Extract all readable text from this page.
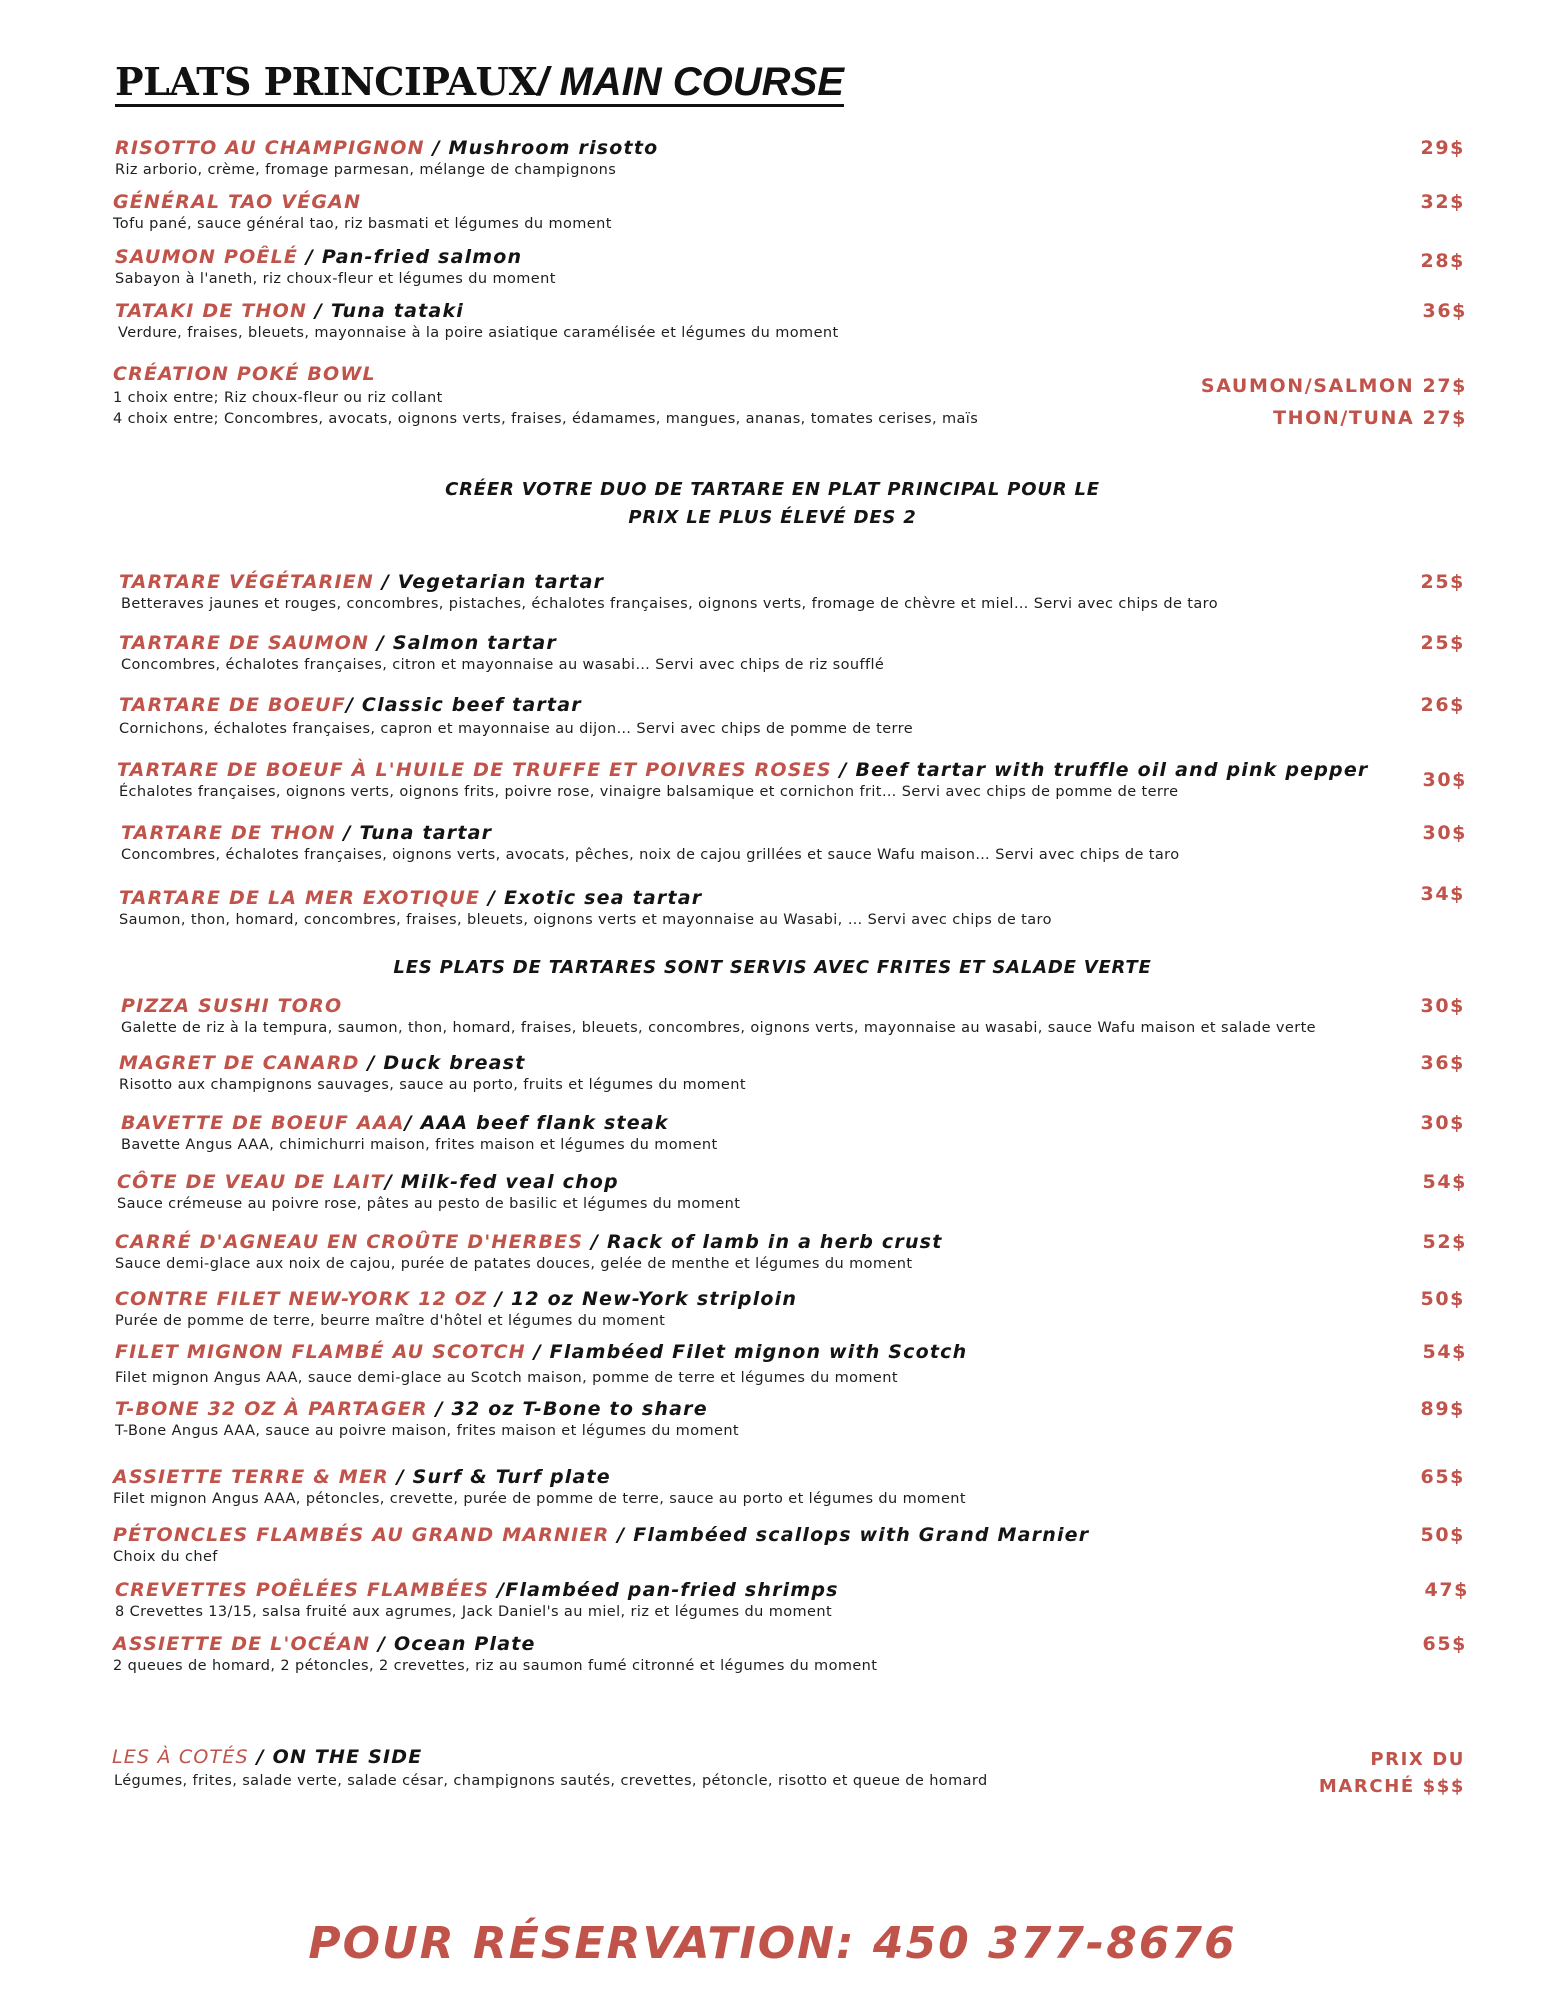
PLATS PRINCIPAUX/ MAIN COURSE
RISOTTO AU CHAMPIGNON / Mushroom risotto
Riz arborio, crème, fromage parmesan, mélange de champignons
29$
GÉNÉRAL TAO VÉGAN
Tofu pané, sauce général tao, riz basmati et légumes du moment
32$
SAUMON POÊLÉ / Pan-fried salmon
Sabayon à l'aneth, riz choux-fleur et légumes du moment
28$
TATAKI DE THON / Tuna tataki
Verdure, fraises, bleuets, mayonnaise à la poire asiatique caramélisée et légumes du moment
36$
CRÉATION POKÉ BOWL
1 choix entre; Riz choux-fleur ou riz collant
4 choix entre; Concombres, avocats, oignons verts, fraises, édamames, mangues, ananas, tomates cerises, maïs
SAUMON/SALMON 27$
THON/TUNA 27$
CRÉER VOTRE DUO DE TARTARE EN PLAT PRINCIPAL POUR LE
PRIX LE PLUS ÉLEVÉ DES 2
TARTARE VÉGÉTARIEN / Vegetarian tartar
Betteraves jaunes et rouges, concombres, pistaches, échalotes françaises, oignons verts, fromage de chèvre et miel… Servi avec chips de taro
25$
TARTARE DE SAUMON / Salmon tartar
Concombres, échalotes françaises, citron et mayonnaise au wasabi… Servi avec chips de riz soufflé
25$
TARTARE DE BOEUF/ Classic beef tartar
Cornichons, échalotes françaises, capron et mayonnaise au dijon… Servi avec chips de pomme de terre
26$
TARTARE DE BOEUF À L'HUILE DE TRUFFE ET POIVRES ROSES / Beef tartar with truffle oil and pink pepper
Échalotes françaises, oignons verts, oignons frits, poivre rose, vinaigre balsamique et cornichon frit… Servi avec chips de pomme de terre
30$
TARTARE DE THON / Tuna tartar
Concombres, échalotes françaises, oignons verts, avocats, pêches, noix de cajou grillées et sauce Wafu maison… Servi avec chips de taro
30$
TARTARE DE LA MER EXOTIQUE / Exotic sea tartar
Saumon, thon, homard, concombres, fraises, bleuets, oignons verts et mayonnaise au Wasabi, … Servi avec chips de taro
34$
LES PLATS DE TARTARES SONT SERVIS AVEC FRITES ET SALADE VERTE
PIZZA SUSHI TORO
Galette de riz à la tempura, saumon, thon, homard, fraises, bleuets, concombres, oignons verts, mayonnaise au wasabi, sauce Wafu maison et salade verte
30$
MAGRET DE CANARD / Duck breast
Risotto aux champignons sauvages, sauce au porto, fruits et légumes du moment
36$
BAVETTE DE BOEUF AAA/ AAA beef flank steak
Bavette Angus AAA, chimichurri maison, frites maison et légumes du moment
30$
CÔTE DE VEAU DE LAIT/ Milk-fed veal chop
Sauce crémeuse au poivre rose, pâtes au pesto de basilic et légumes du moment
54$
CARRÉ D'AGNEAU EN CROÛTE D'HERBES / Rack of lamb in a herb crust
Sauce demi-glace aux noix de cajou, purée de patates douces, gelée de menthe et légumes du moment
52$
CONTRE FILET NEW-YORK 12 OZ / 12 oz New-York striploin
Purée de pomme de terre, beurre maître d'hôtel et légumes du moment
50$
FILET MIGNON FLAMBÉ AU SCOTCH / Flambéed Filet mignon with Scotch
Filet mignon Angus AAA, sauce demi-glace au Scotch maison, pomme de terre et légumes du moment
54$
T-BONE 32 OZ À PARTAGER / 32 oz T-Bone to share
T-Bone Angus AAA, sauce au poivre maison, frites maison et légumes du moment
89$
ASSIETTE TERRE & MER / Surf & Turf plate
Filet mignon Angus AAA, pétoncles, crevette, purée de pomme de terre, sauce au porto et légumes du moment
65$
PÉTONCLES FLAMBÉS AU GRAND MARNIER / Flambéed scallops with Grand Marnier
Choix du chef
50$
CREVETTES POÊLÉES FLAMBÉES /Flambéed pan-fried shrimps
8 Crevettes 13/15, salsa fruité aux agrumes, Jack Daniel's au miel, riz et légumes du moment
47$
ASSIETTE DE L'OCÉAN / Ocean Plate
2 queues de homard, 2 pétoncles, 2 crevettes, riz au saumon fumé citronné et légumes du moment
65$
LES À COTÉS / ON THE SIDE
Légumes, frites, salade verte, salade césar, champignons sautés, crevettes, pétoncle, risotto et queue de homard
PRIX DU
MARCHÉ $$$
POUR RÉSERVATION: 450 377-8676
